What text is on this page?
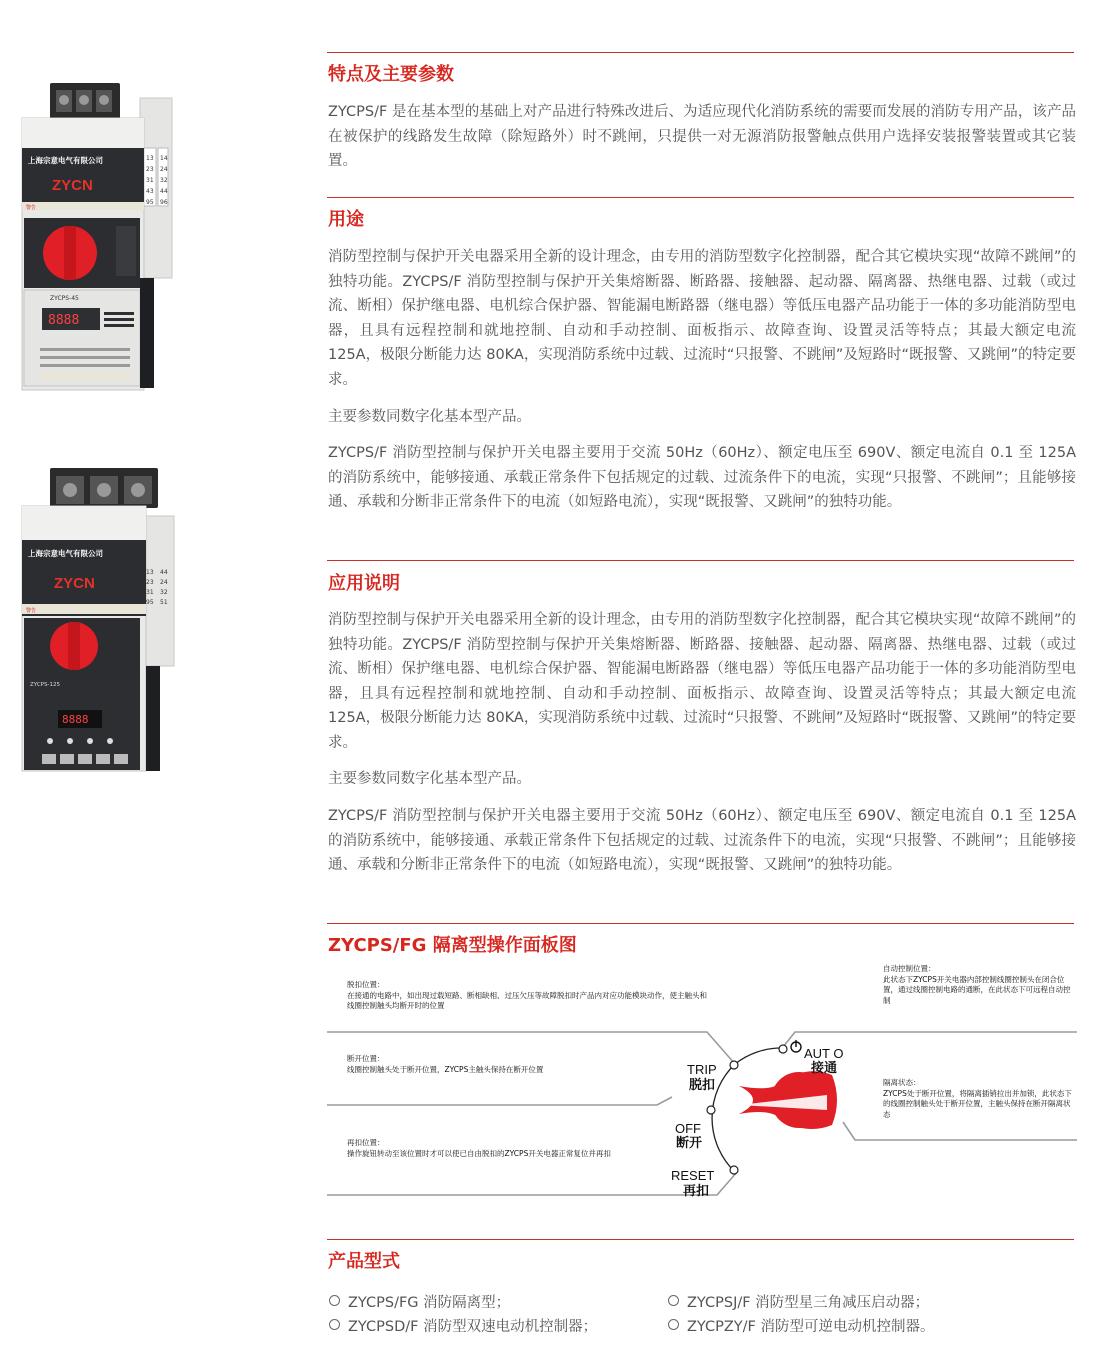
上海宗意电气有限公司
ZYCN
警告
13
23
31
43
95
14
24
32
44
96
ZYCPS-45
8888
上海宗意电气有限公司
ZYCN
警告
13
23
31
95
44
24
32
51
ZYCPS-125
8888
特点及主要参数

ZYCPS/F 是在基本型的基础上对产品进行特殊改进后、为适应现代化消防系统的需要而发展的消防专用产品，该产品在被保护的线路发生故障（除短路外）时不跳闸，只提供一对无源消防报警触点供用户选择安装报警装置或其它装置。

用途

消防型控制与保护开关电器采用全新的设计理念，由专用的消防型数字化控制器，配合其它模块实现“故障不跳闸”的独特功能。ZYCPS/F 消防型控制与保护开关集熔断器、断路器、接触器、起动器、隔离器、热继电器、过载（或过流、断相）保护继电器、电机综合保护器、智能漏电断路器（继电器）等低压电器产品功能于一体的多功能消防型电器，且具有远程控制和就地控制、自动和手动控制、面板指示、故障查询、设置灵活等特点；其最大额定电流 125A，极限分断能力达 80KA，实现消防系统中过载、过流时“只报警、不跳闸”及短路时“既报警、又跳闸”的特定要求。

主要参数同数字化基本型产品。

ZYCPS/F 消防型控制与保护开关电器主要用于交流 50Hz（60Hz）、额定电压至 690V、额定电流自 0.1 至 125A 的消防系统中，能够接通、承载正常条件下包括规定的过载、过流条件下的电流，实现“只报警、不跳闸”；且能够接通、承载和分断非正常条件下的电流（如短路电流），实现“既报警、又跳闸”的独特功能。

应用说明

消防型控制与保护开关电器采用全新的设计理念，由专用的消防型数字化控制器，配合其它模块实现“故障不跳闸”的独特功能。ZYCPS/F 消防型控制与保护开关集熔断器、断路器、接触器、起动器、隔离器、热继电器、过载（或过流、断相）保护继电器、电机综合保护器、智能漏电断路器（继电器）等低压电器产品功能于一体的多功能消防型电器，且具有远程控制和就地控制、自动和手动控制、面板指示、故障查询、设置灵活等特点；其最大额定电流 125A，极限分断能力达 80KA，实现消防系统中过载、过流时“只报警、不跳闸”及短路时“既报警、又跳闸”的特定要求。

主要参数同数字化基本型产品。

ZYCPS/F 消防型控制与保护开关电器主要用于交流 50Hz（60Hz）、额定电压至 690V、额定电流自 0.1 至 125A 的消防系统中，能够接通、承载正常条件下包括规定的过载、过流条件下的电流，实现“只报警、不跳闸”；且能够接通、承载和分断非正常条件下的电流（如短路电流），实现“既报警、又跳闸”的独特功能。

ZYCPS/FG 隔离型操作面板图
脱扣位置：
在接通的电路中，如出现过载短路、断相缺相、过压欠压等故障脱扣时产品内对应功能模块动作，使主触头和线圈控制触头均断开时的位置
断开位置：
线圈控制触头处于断开位置，ZYCPS主触头保持在断开位置
再扣位置：
操作旋钮转动至该位置时才可以使已自由脱扣的ZYCPS开关电器正常复位并再扣
自动控制位置：
此状态下ZYCPS开关电器内部控制线圈控制头在闭合位置，通过线圈控制电路的通断，在此状态下可远程自动控制
隔离状态：
ZYCPS处于断开位置，将隔离插销拉出并加锁，此状态下的线圈控制触头处于断开位置，主触头保持在断开隔离状态
TRIP
脱扣
OFF
断开
RESET
再扣
AUT O
接通
产品型式
ZYCPS/FG 消防隔离型；	ZYCPSJ/F 消防型星三角减压启动器；
ZYCPSD/F 消防型双速电动机控制器；	ZYCPZY/F 消防型可逆电动机控制器。
